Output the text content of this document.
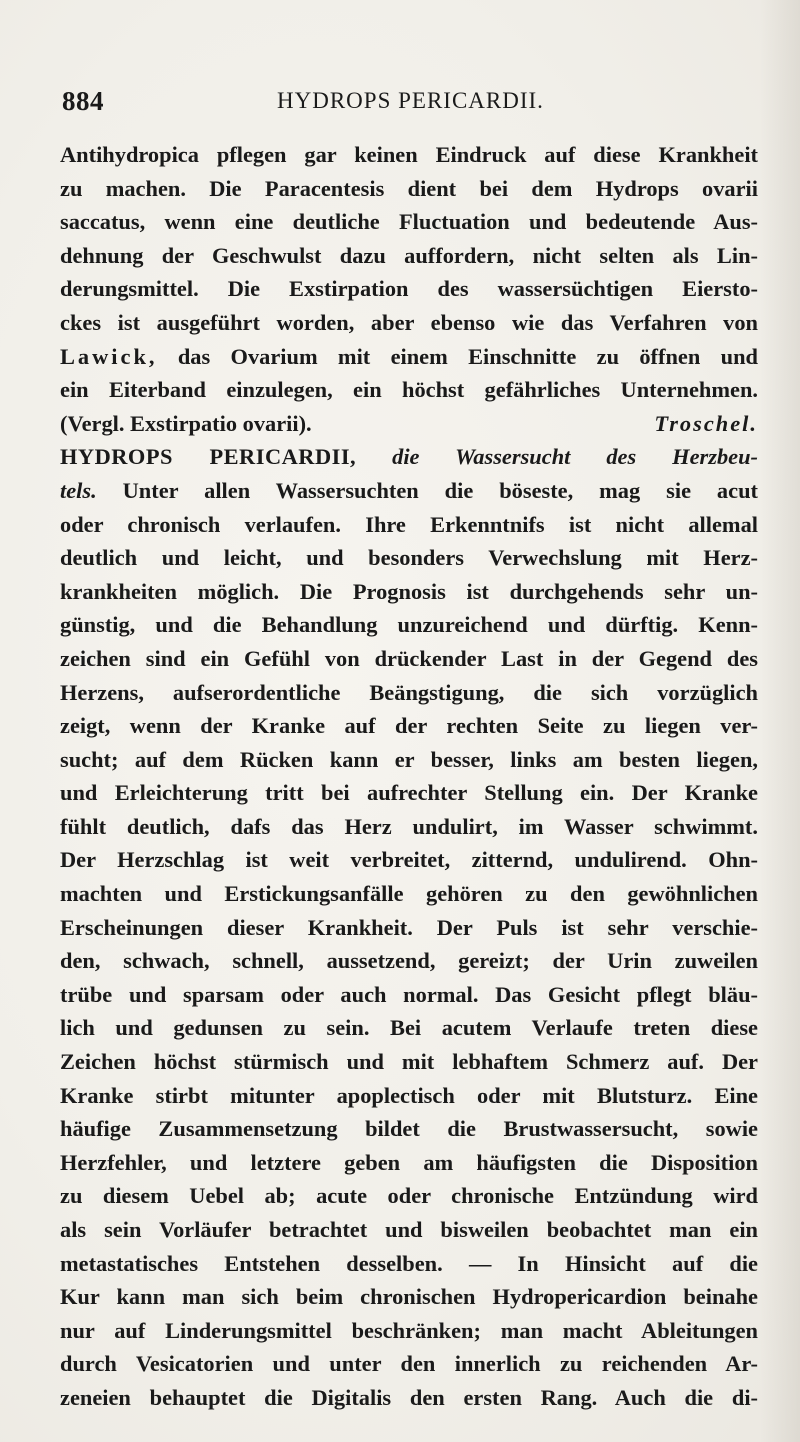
884	HYDROPS PERICARDII.
Antihydropica pflegen gar keinen Eindruck auf diese Krankheit
zu machen. Die Paracentesis dient bei dem Hydrops ovarii
saccatus, wenn eine deutliche Fluctuation und bedeutende Aus-
dehnung der Geschwulst dazu auffordern, nicht selten als Lin-
derungsmittel. Die Exstirpation des wassersüchtigen Eiersto-
ckes ist ausgeführt worden, aber ebenso wie das Verfahren von
Lawick, das Ovarium mit einem Einschnitte zu öffnen und
ein Eiterband einzulegen, ein höchst gefährliches Unternehmen.
(Vergl. Exstirpatio ovarii).	Troschel.
HYDROPS PERICARDII, die Wassersucht des Herzbeu-
tels. Unter allen Wassersuchten die böseste, mag sie acut
oder chronisch verlaufen. Ihre Erkenntnifs ist nicht allemal
deutlich und leicht, und besonders Verwechslung mit Herz-
krankheiten möglich. Die Prognosis ist durchgehends sehr un-
günstig, und die Behandlung unzureichend und dürftig. Kenn-
zeichen sind ein Gefühl von drückender Last in der Gegend des
Herzens, aufserordentliche Beängstigung, die sich vorzüglich
zeigt, wenn der Kranke auf der rechten Seite zu liegen ver-
sucht; auf dem Rücken kann er besser, links am besten liegen,
und Erleichterung tritt bei aufrechter Stellung ein. Der Kranke
fühlt deutlich, dafs das Herz undulirt, im Wasser schwimmt.
Der Herzschlag ist weit verbreitet, zitternd, undulirend. Ohn-
machten und Erstickungsanfälle gehören zu den gewöhnlichen
Erscheinungen dieser Krankheit. Der Puls ist sehr verschie-
den, schwach, schnell, aussetzend, gereizt; der Urin zuweilen
trübe und sparsam oder auch normal. Das Gesicht pflegt bläu-
lich und gedunsen zu sein. Bei acutem Verlaufe treten diese
Zeichen höchst stürmisch und mit lebhaftem Schmerz auf. Der
Kranke stirbt mitunter apoplectisch oder mit Blutsturz. Eine
häufige Zusammensetzung bildet die Brustwassersucht, sowie
Herzfehler, und letztere geben am häufigsten die Disposition
zu diesem Uebel ab; acute oder chronische Entzündung wird
als sein Vorläufer betrachtet und bisweilen beobachtet man ein
metastatisches Entstehen desselben. — In Hinsicht auf die
Kur kann man sich beim chronischen Hydropericardion beinahe
nur auf Linderungsmittel beschränken; man macht Ableitungen
durch Vesicatorien und unter den innerlich zu reichenden Ar-
zeneien behauptet die Digitalis den ersten Rang. Auch die di-
